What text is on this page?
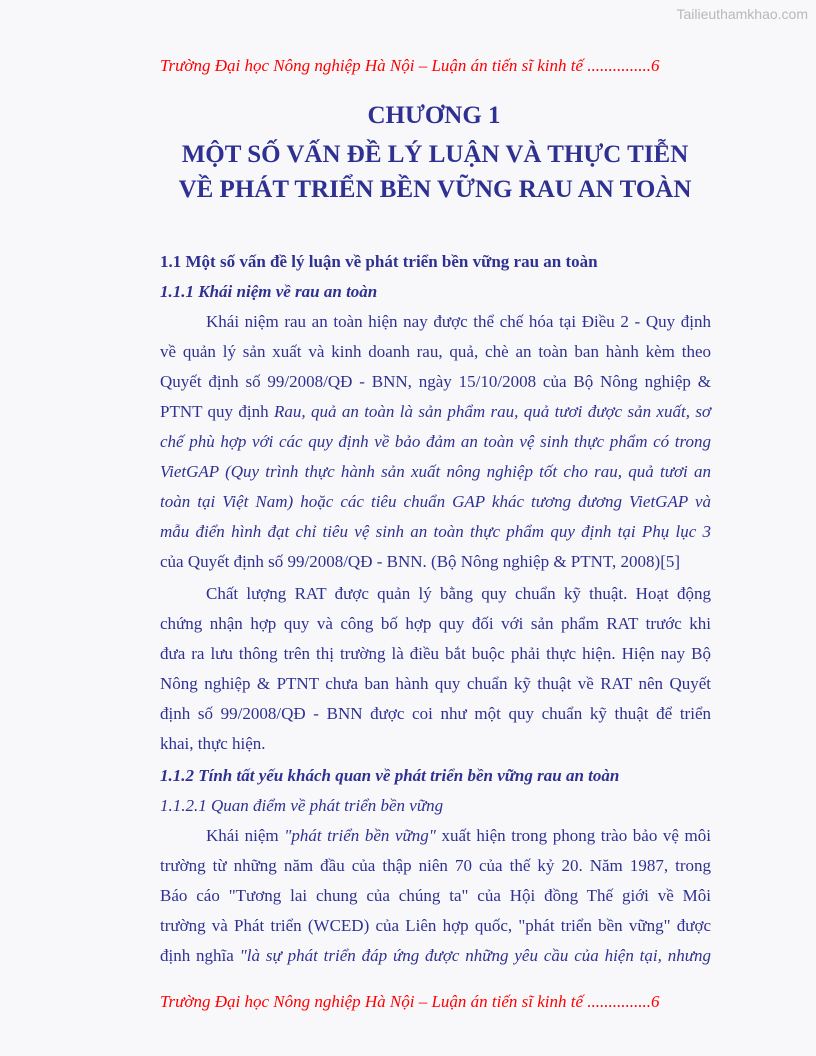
Tailieuthamkhao.com
Trường Đại học Nông nghiệp Hà Nội – Luận án tiến sĩ kinh tế ...............6
CHƯƠNG 1
MỘT SỐ VẤN ĐỀ LÝ LUẬN VÀ THỰC TIỄN
VỀ PHÁT TRIỂN BỀN VỮNG RAU AN TOÀN
1.1 Một số vấn đề lý luận về phát triển bền vững rau an toàn
1.1.1 Khái niệm về rau an toàn
Khái niệm rau an toàn hiện nay được thể chế hóa tại Điều 2 - Quy định
về quản lý sản xuất và kinh doanh rau, quả, chè an toàn ban hành kèm theo
Quyết định số 99/2008/QĐ - BNN, ngày 15/10/2008 của Bộ Nông nghiệp &
PTNT quy định Rau, quả an toàn là sản phẩm rau, quả tươi được sản xuất, sơ
chế phù hợp với các quy định về bảo đảm an toàn vệ sinh thực phẩm có trong
VietGAP (Quy trình thực hành sản xuất nông nghiệp tốt cho rau, quả tươi an
toàn tại Việt Nam) hoặc các tiêu chuẩn GAP khác tương đương VietGAP và
mẫu điển hình đạt chỉ tiêu vệ sinh an toàn thực phẩm quy định tại Phụ lục 3
của Quyết định số 99/2008/QĐ - BNN. (Bộ Nông nghiệp & PTNT, 2008)[5]
Chất lượng RAT được quản lý bằng quy chuẩn kỹ thuật. Hoạt động
chứng nhận hợp quy và công bố hợp quy đối với sản phẩm RAT trước khi
đưa ra lưu thông trên thị trường là điều bắt buộc phải thực hiện. Hiện nay Bộ
Nông nghiệp & PTNT chưa ban hành quy chuẩn kỹ thuật về RAT nên Quyết
định số 99/2008/QĐ - BNN được coi như một quy chuẩn kỹ thuật để triển
khai, thực hiện.
1.1.2 Tính tất yếu khách quan về phát triển bền vững rau an toàn
1.1.2.1 Quan điểm về phát triển bền vững
Khái niệm "phát triển bền vững" xuất hiện trong phong trào bảo vệ môi
trường từ những năm đầu của thập niên 70 của thế kỷ 20. Năm 1987, trong
Báo cáo "Tương lai chung của chúng ta" của Hội đồng Thế giới về Môi
trường và Phát triển (WCED) của Liên hợp quốc, "phát triển bền vững" được
định nghĩa "là sự phát triển đáp ứng được những yêu cầu của hiện tại, nhưng
Trường Đại học Nông nghiệp Hà Nội – Luận án tiến sĩ kinh tế ...............6
